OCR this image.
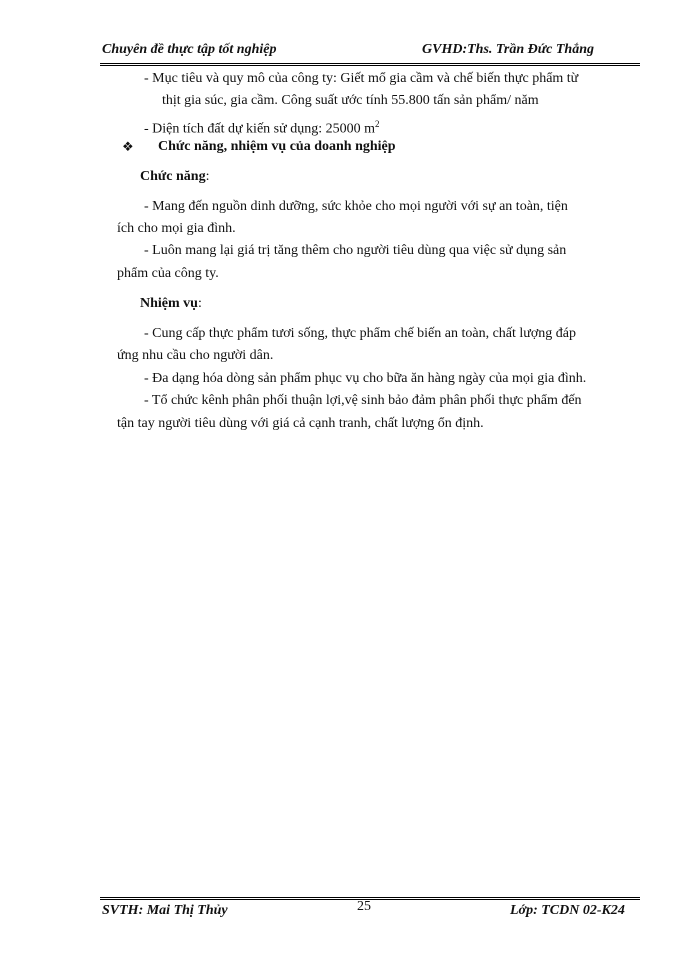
Chuyên đề thực tập tốt nghiệp	GVHD:Ths. Trần Đức Thắng
- Mục tiêu và quy mô của công ty: Giết mổ gia cầm và chế biến thực phẩm từ
thịt gia súc, gia cầm. Công suất ước tính 55.800 tấn sản phẩm/ năm
- Diện tích đất dự kiến sử dụng: 25000 $m^2$
❖ Chức năng, nhiệm vụ của doanh nghiệp
Chức năng:
- Mang đến nguồn dinh dưỡng, sức khỏe cho mọi người với sự an toàn, tiện
ích cho mọi gia đình.
- Luôn mang lại giá trị tăng thêm cho người tiêu dùng qua việc sử dụng sản
phẩm của công ty.
Nhiệm vụ:
- Cung cấp thực phẩm tươi sống, thực phẩm chế biến an toàn, chất lượng đáp
ứng nhu cầu cho người dân.
- Đa dạng hóa dòng sản phẩm phục vụ cho bữa ăn hàng ngày của mọi gia đình.
- Tổ chức kênh phân phối thuận lợi,vệ sinh bảo đảm phân phối thực phẩm đến
tận tay người tiêu dùng với giá cả cạnh tranh, chất lượng ổn định.
SVTH: Mai Thị Thủy	25	Lớp: TCDN 02-K24
